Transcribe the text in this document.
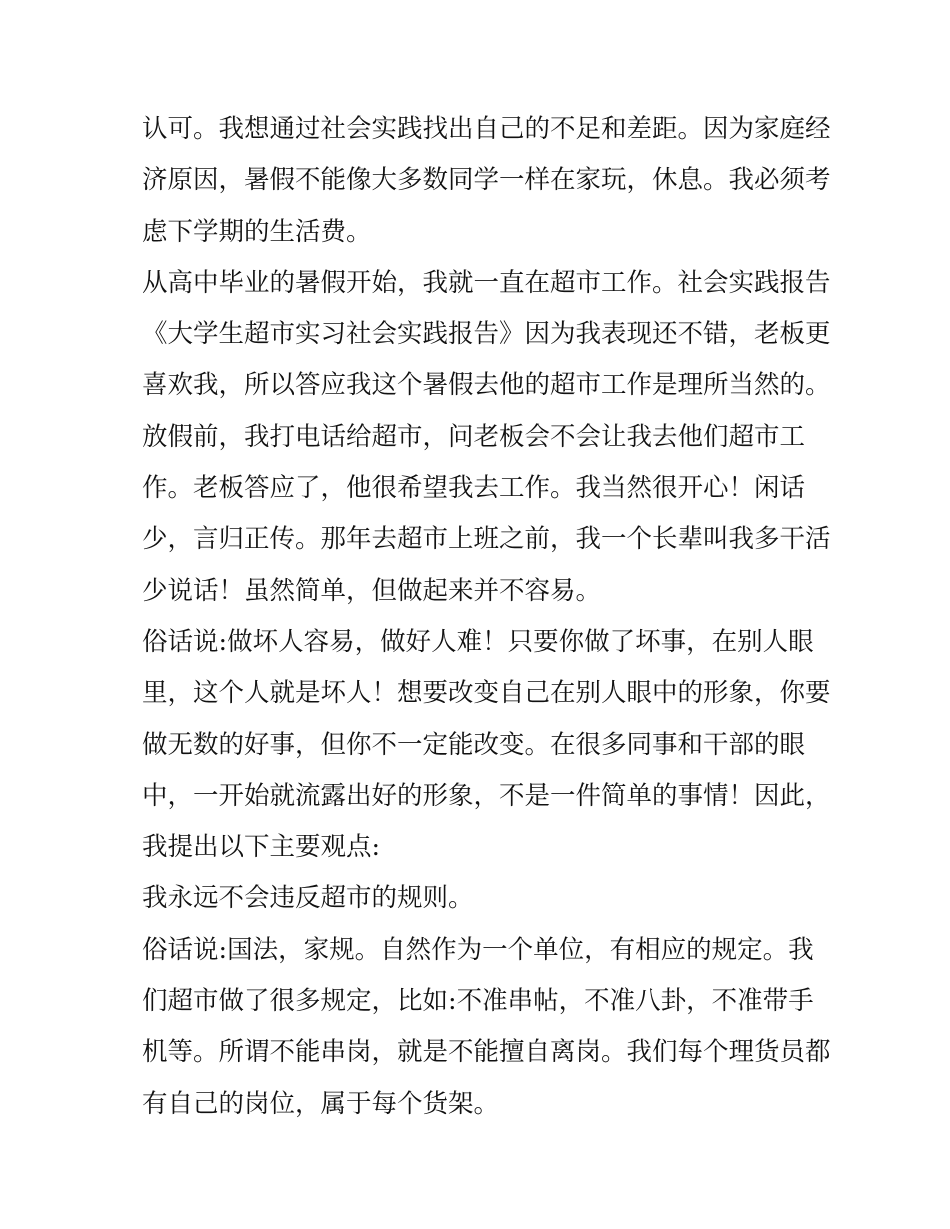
认可。我想通过社会实践找出自己的不足和差距。因为家庭经
济原因，暑假不能像大多数同学一样在家玩，休息。我必须考
虑下学期的生活费。
从高中毕业的暑假开始，我就一直在超市工作。社会实践报告
《大学生超市实习社会实践报告》因为我表现还不错，老板更
喜欢我，所以答应我这个暑假去他的超市工作是理所当然的。
放假前，我打电话给超市，问老板会不会让我去他们超市工
作。老板答应了，他很希望我去工作。我当然很开心！闲话
少，言归正传。那年去超市上班之前，我一个长辈叫我多干活
少说话！虽然简单，但做起来并不容易。
俗话说:做坏人容易，做好人难！只要你做了坏事，在别人眼
里，这个人就是坏人！想要改变自己在别人眼中的形象，你要
做无数的好事，但你不一定能改变。在很多同事和干部的眼
中，一开始就流露出好的形象，不是一件简单的事情！因此，
我提出以下主要观点:
我永远不会违反超市的规则。
俗话说:国法，家规。自然作为一个单位，有相应的规定。我
们超市做了很多规定，比如:不准串帖，不准八卦，不准带手
机等。所谓不能串岗，就是不能擅自离岗。我们每个理货员都
有自己的岗位，属于每个货架。
